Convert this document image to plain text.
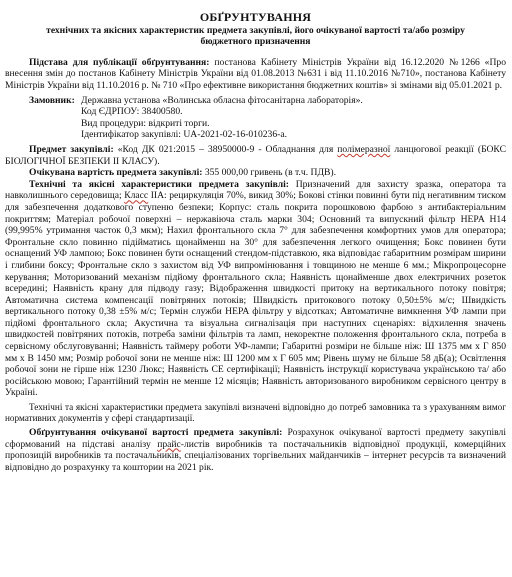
ОБҐРУНТУВАННЯ
технічних та якісних характеристик предмета закупівлі, його очікуваної вартості та/або розміру бюджетного призначення

Підстава для публікації обґрунтування: постанова Кабінету Міністрів України від 16.12.2020 №1266 «Про внесення змін до постанов Кабінету Міністрів України від 01.08.2013 №631 і від 11.10.2016 №710», постанова Кабінету Міністрів України від 11.10.2016 р. № 710 «Про ефективне використання бюджетних коштів» зі змінами від 05.01.2021 р.

Замовник: Державна установа «Волинська обласна фітосанітарна лабораторія».
Код ЄДРПОУ: 38400580.
Вид процедури: відкриті торги.
Ідентифікатор закупівлі: UA-2021-02-16-010236-a.

Предмет закупівлі: «Код ДК 021:2015 – 38950000-9 - Обладнання для полімеразної ланцюгової реакції (БОКС БІОЛОГІЧНОЇ БЕЗПЕКИ ІІ КЛАСУ).

Очікувана вартість предмета закупівлі: 355 000,00 гривень (в т.ч. ПДВ).

Технічні та якісні характеристики предмета закупівлі: Призначений для захисту зразка, оператора та навколишнього середовища; Класс ІІА: рециркуляція 70%, викид 30%; Бокові стінки повинні бути під негативним тиском для забезпечення додаткового ступеню безпеки; Корпус: сталь покрита порошковою фарбою з антибактеріальним покриттям; Матеріал робочої поверхні – нержавіюча сталь марки 304; Основний та випускний фільтр HEPA H14 (99,995% утримання часток 0,3 мкм); Нахил фронтального скла 7° для забезпечення комфортних умов для оператора; Фронтальне скло повинно підійматись щонайменш на 30° для забезпечення легкого очищення; Бокс повинен бути оснащений УФ лампою; Бокс повинен бути оснащений стендом-підставкою, яка відповідає габаритним розмірам ширини і глибини боксу; Фронтальне скло з захистом від УФ випромінювання і товщиною не менше 6 мм.; Мікропроцесорне керування; Моторизований механізм підйому фронтального скла; Наявність щонайменше двох електричних розеток всередині; Наявність крану для підводу газу; Відображення швидкості притоку на вертикального потоку повітря; Автоматична система компенсації повітряних потоків; Швидкість притокового потоку 0,50±5% м/с; Швидкість вертикального потоку 0,38 ±5% м/с; Термін служби HEPA фільтру у відсотках; Автоматичне вимкнення УФ лампи при підйомі фронтального скла; Акустична та візуальна сигналізація при наступних сценаріях: відхилення значень швидкостей повітряних потоків, потреба заміни фільтрів та ламп, некоректне положення фронтального скла, потреба в сервісному обслуговуванні; Наявність таймеру роботи УФ-лампи; Габаритні розміри не більше ніж: Ш 1375 мм х Г 850 мм х В 1450 мм; Розмір робочої зони не менше ніж: Ш 1200 мм х Г 605 мм; Рівень шуму не більше 58 дБ(а); Освітлення робочої зони не гірше ніж 1230 Люкс; Наявність СЕ сертифікації; Наявність інструкції користувача українською та/ або російською мовою; Гарантійний термін не менше 12 місяців; Наявність авторизованого виробником сервісного центру в Україні.

Технічні та якісні характеристики предмета закупівлі визначені відповідно до потреб замовника та з урахуванням вимог нормативних документів у сфері стандартизації.

Обґрунтування очікуваної вартості предмета закупівлі: Розрахунок очікуваної вартості предмету закупівлі сформований на підставі аналізу прайс-листів виробників та постачальників відповідної продукції, комерційних пропозицій виробників та постачальників, спеціалізованих торгівельних майданчиків – інтернет ресурсів та визначений відповідно до розрахунку та коштории на 2021 рік.
